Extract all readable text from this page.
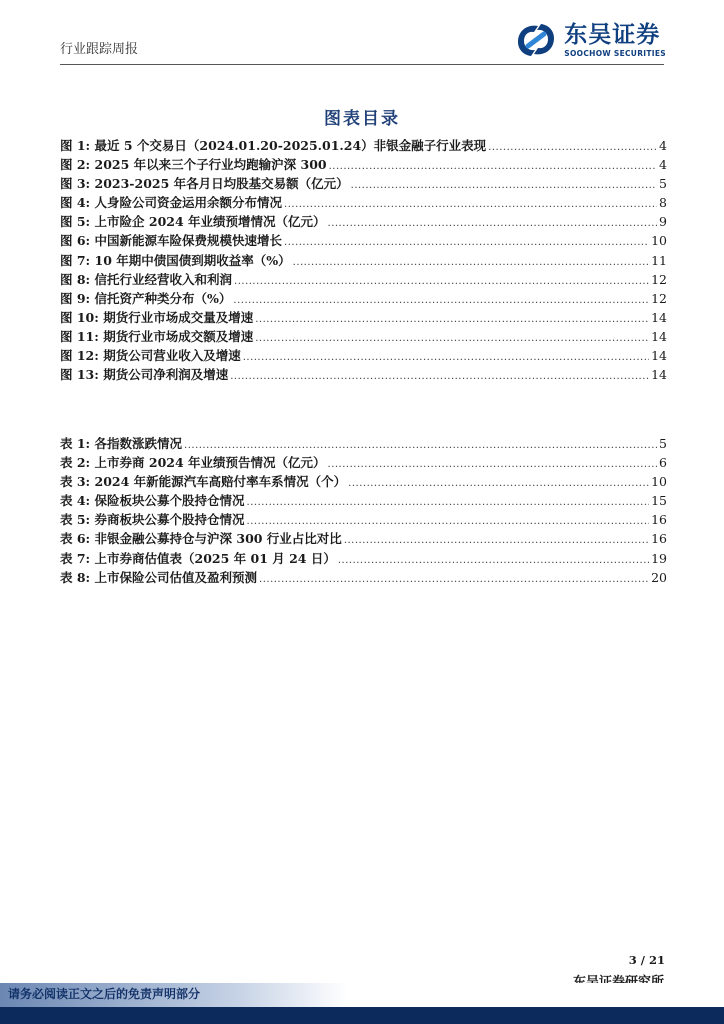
行业跟踪周报
东吴证券
SOOCHOW SECURITIES
图表目录
图 1: 最近 5 个交易日（2024.01.20-2025.01.24）非银金融子行业表现 .....	4
图 2: 2025 年以来三个子行业均跑输沪深 300 .....	4
图 3: 2023-2025 年各月日均股基交易额（亿元） .....	5
图 4: 人身险公司资金运用余额分布情况 .....	8
图 5: 上市险企 2024 年业绩预增情况（亿元） .....	9
图 6: 中国新能源车险保费规模快速增长 .....	10
图 7: 10 年期中债国债到期收益率（%） .....	11
图 8: 信托行业经营收入和利润 .....	12
图 9: 信托资产种类分布（%） .....	12
图 10: 期货行业市场成交量及增速 .....	14
图 11: 期货行业市场成交额及增速 .....	14
图 12: 期货公司营业收入及增速 .....	14
图 13: 期货公司净利润及增速 .....	14
表 1: 各指数涨跌情况 .....	5
表 2: 上市券商 2024 年业绩预告情况（亿元） .....	6
表 3: 2024 年新能源汽车高赔付率车系情况（个） .....	10
表 4: 保险板块公募个股持仓情况 .....	15
表 5: 券商板块公募个股持仓情况 .....	16
表 6: 非银金融公募持仓与沪深 300 行业占比对比 .....	16
表 7: 上市券商估值表（2025 年 01 月 24 日） .....	19
表 8: 上市保险公司估值及盈利预测 .....	20
3 / 21
请务必阅读正文之后的免责声明部分
